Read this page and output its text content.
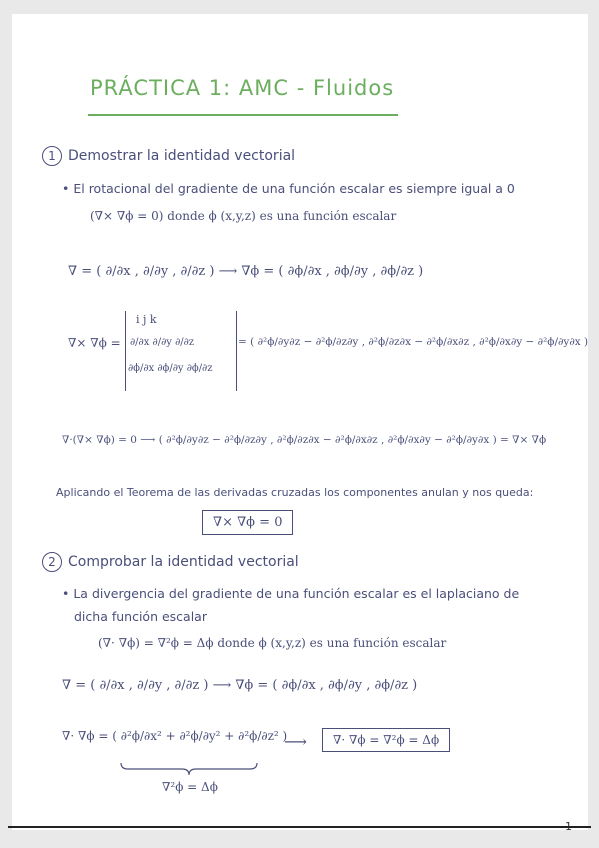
PRÁCTICA 1: AMC - Fluidos
1 Demostrar la identidad vectorial
• El rotacional del gradiente de una función escalar es siempre igual a 0
(∇× ∇ϕ = 0) donde ϕ (x,y,z) es una función escalar
∇ = ( ∂/∂x , ∂/∂y , ∂/∂z ) ⟶ ∇ϕ = ( ∂ϕ/∂x , ∂ϕ/∂y , ∂ϕ/∂z )
∇× ∇ϕ =
i j k
∂/∂x ∂/∂y ∂/∂z
∂ϕ/∂x ∂ϕ/∂y ∂ϕ/∂z
= ( ∂²ϕ/∂y∂z − ∂²ϕ/∂z∂y , ∂²ϕ/∂z∂x − ∂²ϕ/∂x∂z , ∂²ϕ/∂x∂y − ∂²ϕ/∂y∂x )
∇·(∇× ∇ϕ) = 0 ⟶ ( ∂²ϕ/∂y∂z − ∂²ϕ/∂z∂y , ∂²ϕ/∂z∂x − ∂²ϕ/∂x∂z , ∂²ϕ/∂x∂y − ∂²ϕ/∂y∂x ) = ∇× ∇ϕ
Aplicando el Teorema de las derivadas cruzadas los componentes anulan y nos queda:
∇× ∇ϕ = 0
2 Comprobar la identidad vectorial
• La divergencia del gradiente de una función escalar es el laplaciano de
dicha función escalar
(∇· ∇ϕ) = ∇²ϕ = Δϕ donde ϕ (x,y,z) es una función escalar
∇ = ( ∂/∂x , ∂/∂y , ∂/∂z ) ⟶ ∇ϕ = ( ∂ϕ/∂x , ∂ϕ/∂y , ∂ϕ/∂z )
∇· ∇ϕ = ( ∂²ϕ/∂x² + ∂²ϕ/∂y² + ∂²ϕ/∂z² )
⟶	∇· ∇ϕ = ∇²ϕ = Δϕ
∇²ϕ = Δϕ
